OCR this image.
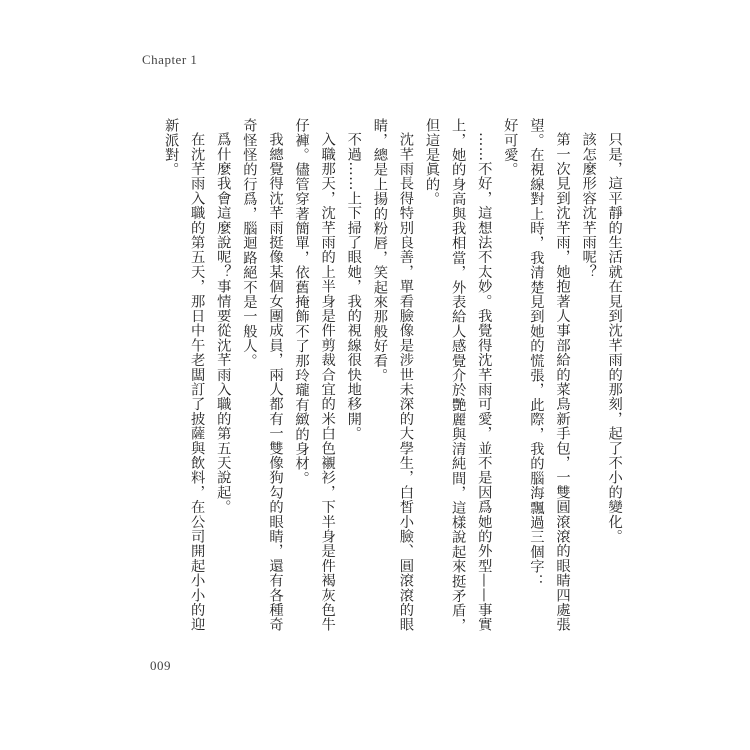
Chapter 1

只是，這平靜的生活就在見到沈芊雨的那刻，起了不小的變化。

該怎麼形容沈芊雨呢？

第一次見到沈芊雨，她抱著人事部給的菜鳥新手包，一雙圓滾滾的眼睛四處張望。在視線對上時，我清楚見到她的慌張，此際，我的腦海飄過三個字：

好可愛。

……不好，這想法不太妙。我覺得沈芊雨可愛，並不是因爲她的外型——事實上，她的身高與我相當，外表給人感覺介於艷麗與清純間，這樣說起來挺矛盾，但這是眞的。

沈芊雨長得特別良善，單看臉像是涉世未深的大學生，白皙小臉、圓滾滾的眼睛，總是上揚的粉唇，笑起來那般好看。

不過……上下掃了眼她，我的視線很快地移開。

入職那天，沈芊雨的上半身是件剪裁合宜的米白色襯衫，下半身是件褐灰色牛仔褲。儘管穿著簡單，依舊掩飾不了那玲瓏有緻的身材。

我總覺得沈芊雨挺像某個女團成員，兩人都有一雙像狗勾的眼睛，還有各種奇奇怪怪的行爲，腦迴路絕不是一般人。

爲什麼我會這麼說呢？事情要從沈芊雨入職的第五天說起。

在沈芊雨入職的第五天，那日中午老闆訂了披薩與飲料，在公司開起小小的迎新派對。

009
